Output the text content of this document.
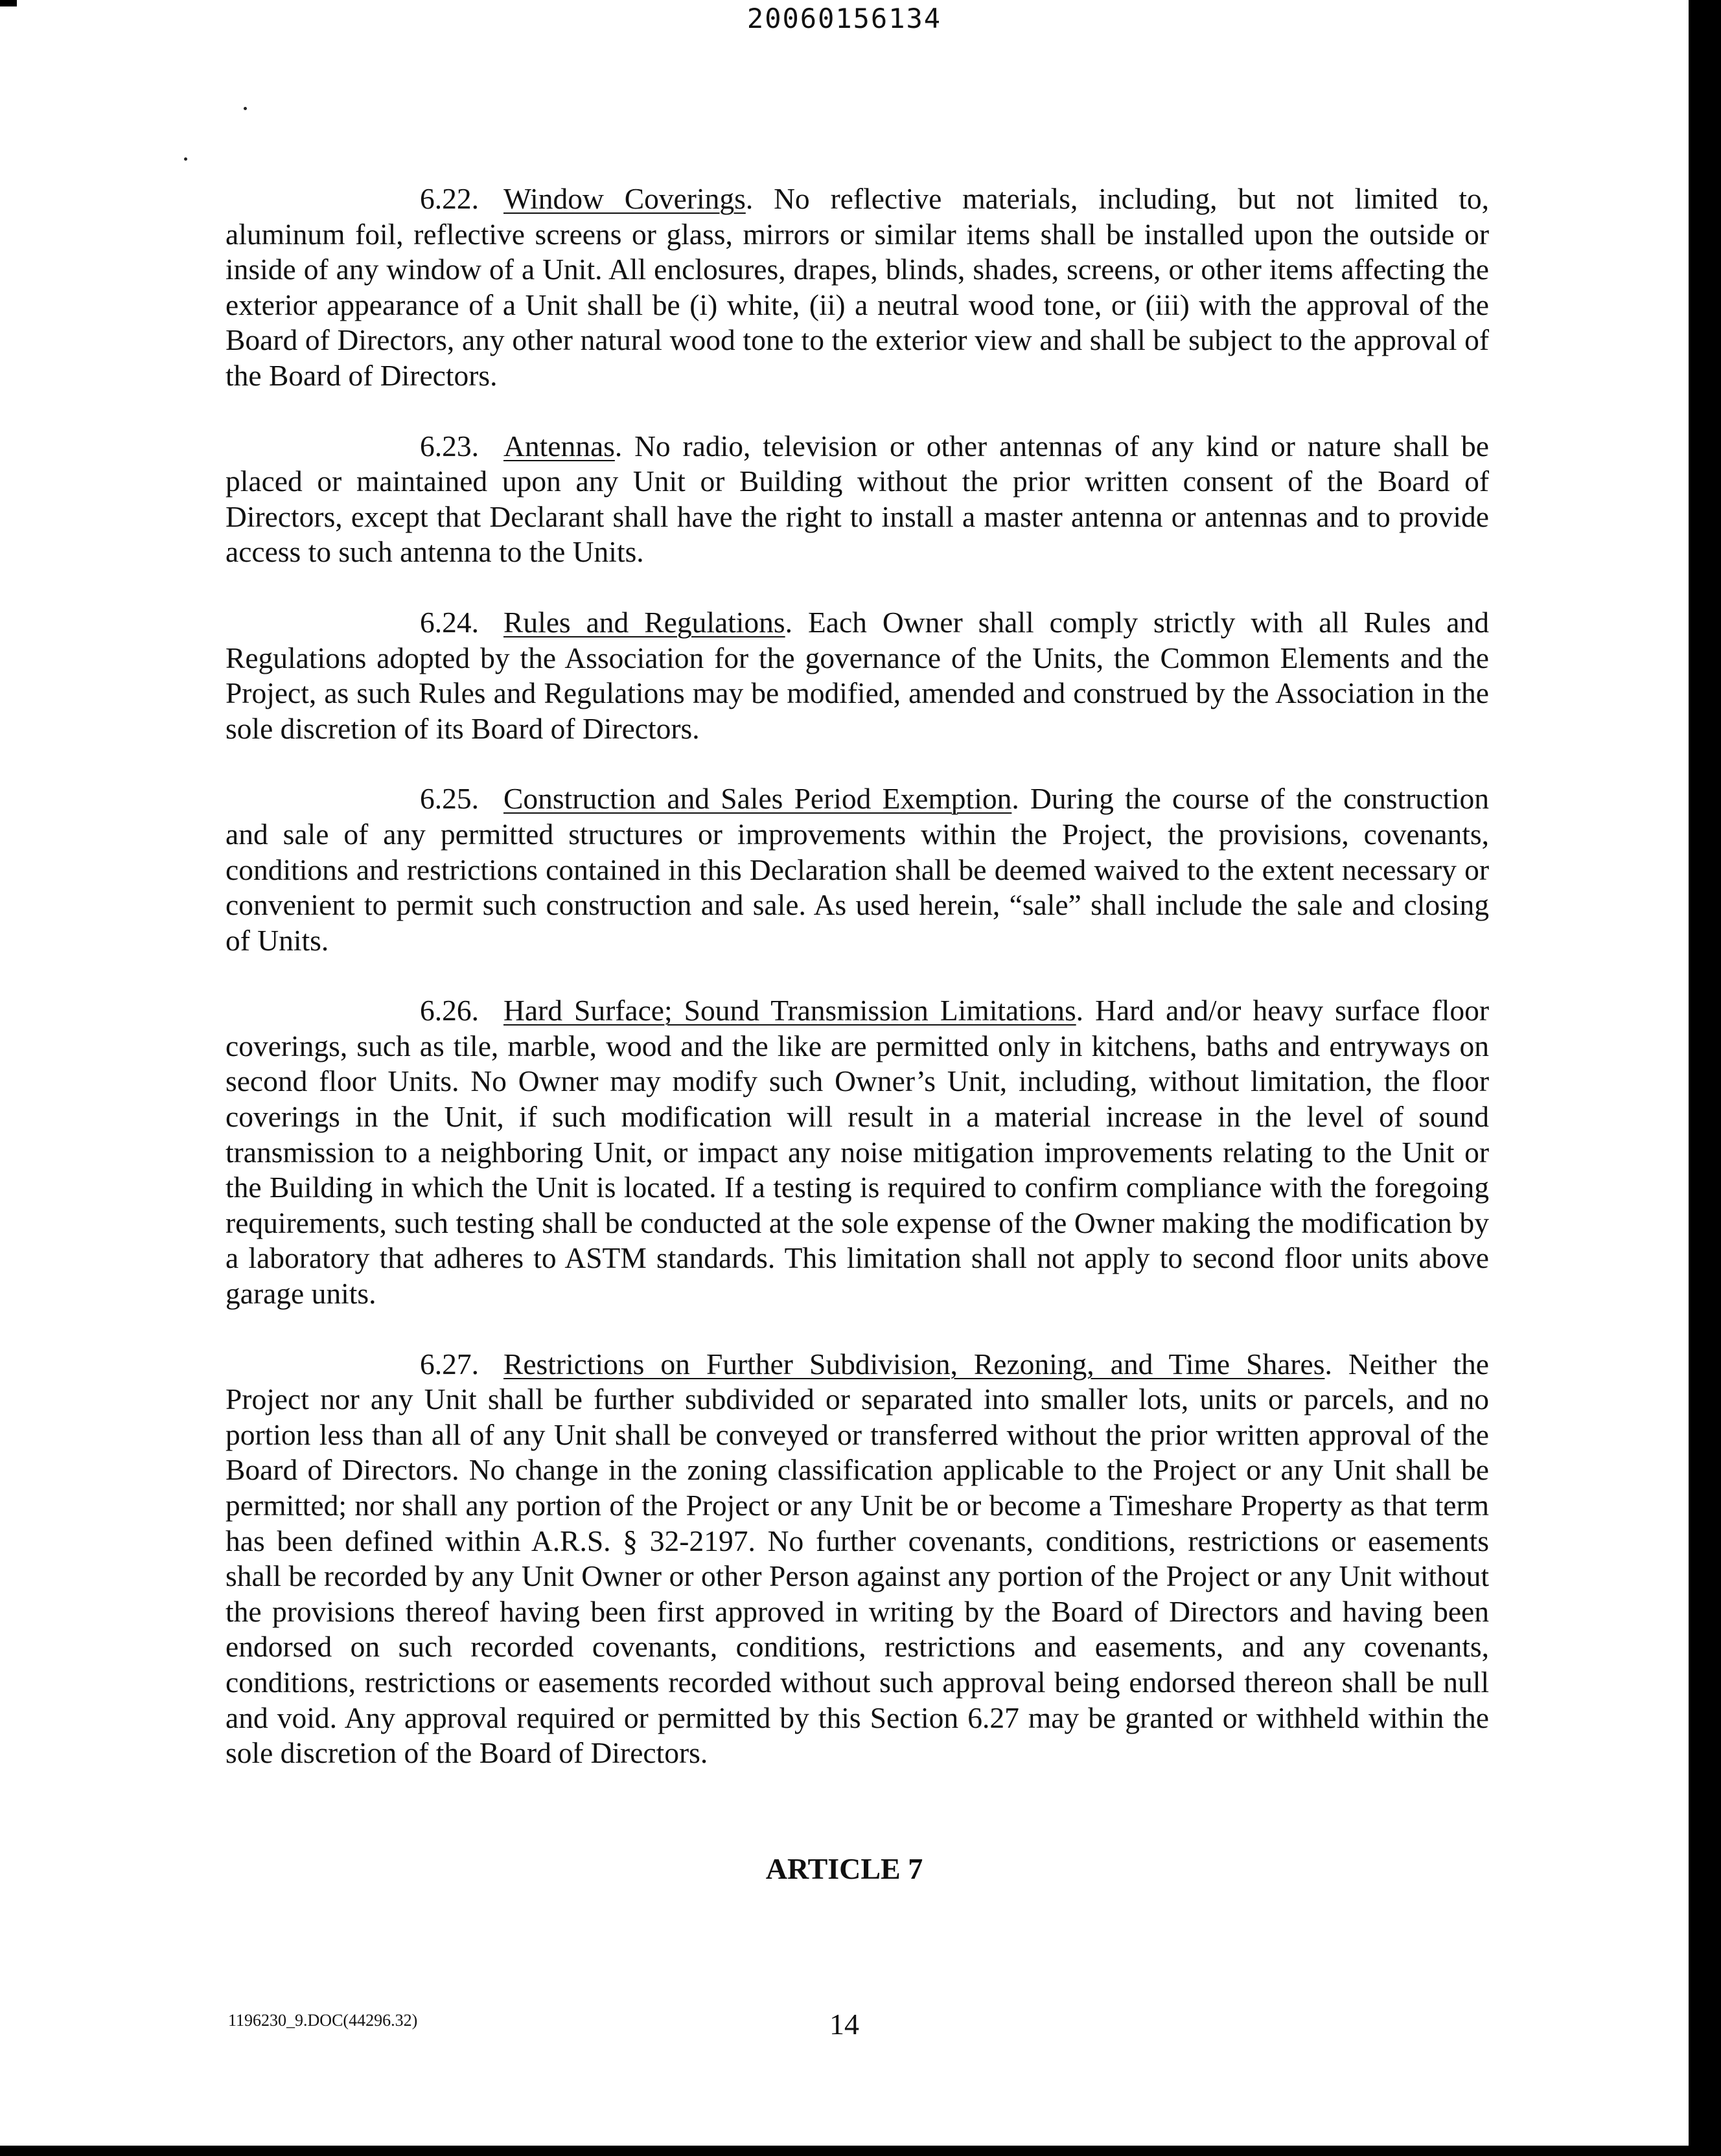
20060156134

6.22. Window Coverings. No reflective materials, including, but not limited to, aluminum foil, reflective screens or glass, mirrors or similar items shall be installed upon the outside or inside of any window of a Unit. All enclosures, drapes, blinds, shades, screens, or other items affecting the exterior appearance of a Unit shall be (i) white, (ii) a neutral wood tone, or (iii) with the approval of the Board of Directors, any other natural wood tone to the exterior view and shall be subject to the approval of the Board of Directors.

6.23. Antennas. No radio, television or other antennas of any kind or nature shall be placed or maintained upon any Unit or Building without the prior written consent of the Board of Directors, except that Declarant shall have the right to install a master antenna or antennas and to provide access to such antenna to the Units.

6.24. Rules and Regulations. Each Owner shall comply strictly with all Rules and Regulations adopted by the Association for the governance of the Units, the Common Elements and the Project, as such Rules and Regulations may be modified, amended and construed by the Association in the sole discretion of its Board of Directors.

6.25. Construction and Sales Period Exemption. During the course of the construction and sale of any permitted structures or improvements within the Project, the provisions, covenants, conditions and restrictions contained in this Declaration shall be deemed waived to the extent necessary or convenient to permit such construction and sale. As used herein, “sale” shall include the sale and closing of Units.

6.26. Hard Surface; Sound Transmission Limitations. Hard and/or heavy surface floor coverings, such as tile, marble, wood and the like are permitted only in kitchens, baths and entryways on second floor Units. No Owner may modify such Owner’s Unit, including, without limitation, the floor coverings in the Unit, if such modification will result in a material increase in the level of sound transmission to a neighboring Unit, or impact any noise mitigation improvements relating to the Unit or the Building in which the Unit is located. If a testing is required to confirm compliance with the foregoing requirements, such testing shall be conducted at the sole expense of the Owner making the modification by a laboratory that adheres to ASTM standards. This limitation shall not apply to second floor units above garage units.

6.27. Restrictions on Further Subdivision, Rezoning, and Time Shares. Neither the Project nor any Unit shall be further subdivided or separated into smaller lots, units or parcels, and no portion less than all of any Unit shall be conveyed or transferred without the prior written approval of the Board of Directors. No change in the zoning classification applicable to the Project or any Unit shall be permitted; nor shall any portion of the Project or any Unit be or become a Timeshare Property as that term has been defined within A.R.S. § 32-2197. No further covenants, conditions, restrictions or easements shall be recorded by any Unit Owner or other Person against any portion of the Project or any Unit without the provisions thereof having been first approved in writing by the Board of Directors and having been endorsed on such recorded covenants, conditions, restrictions and easements, and any covenants, conditions, restrictions or easements recorded without such approval being endorsed thereon shall be null and void. Any approval required or permitted by this Section 6.27 may be granted or withheld within the sole discretion of the Board of Directors.

ARTICLE 7
1196230_9.DOC(44296.32)	14
